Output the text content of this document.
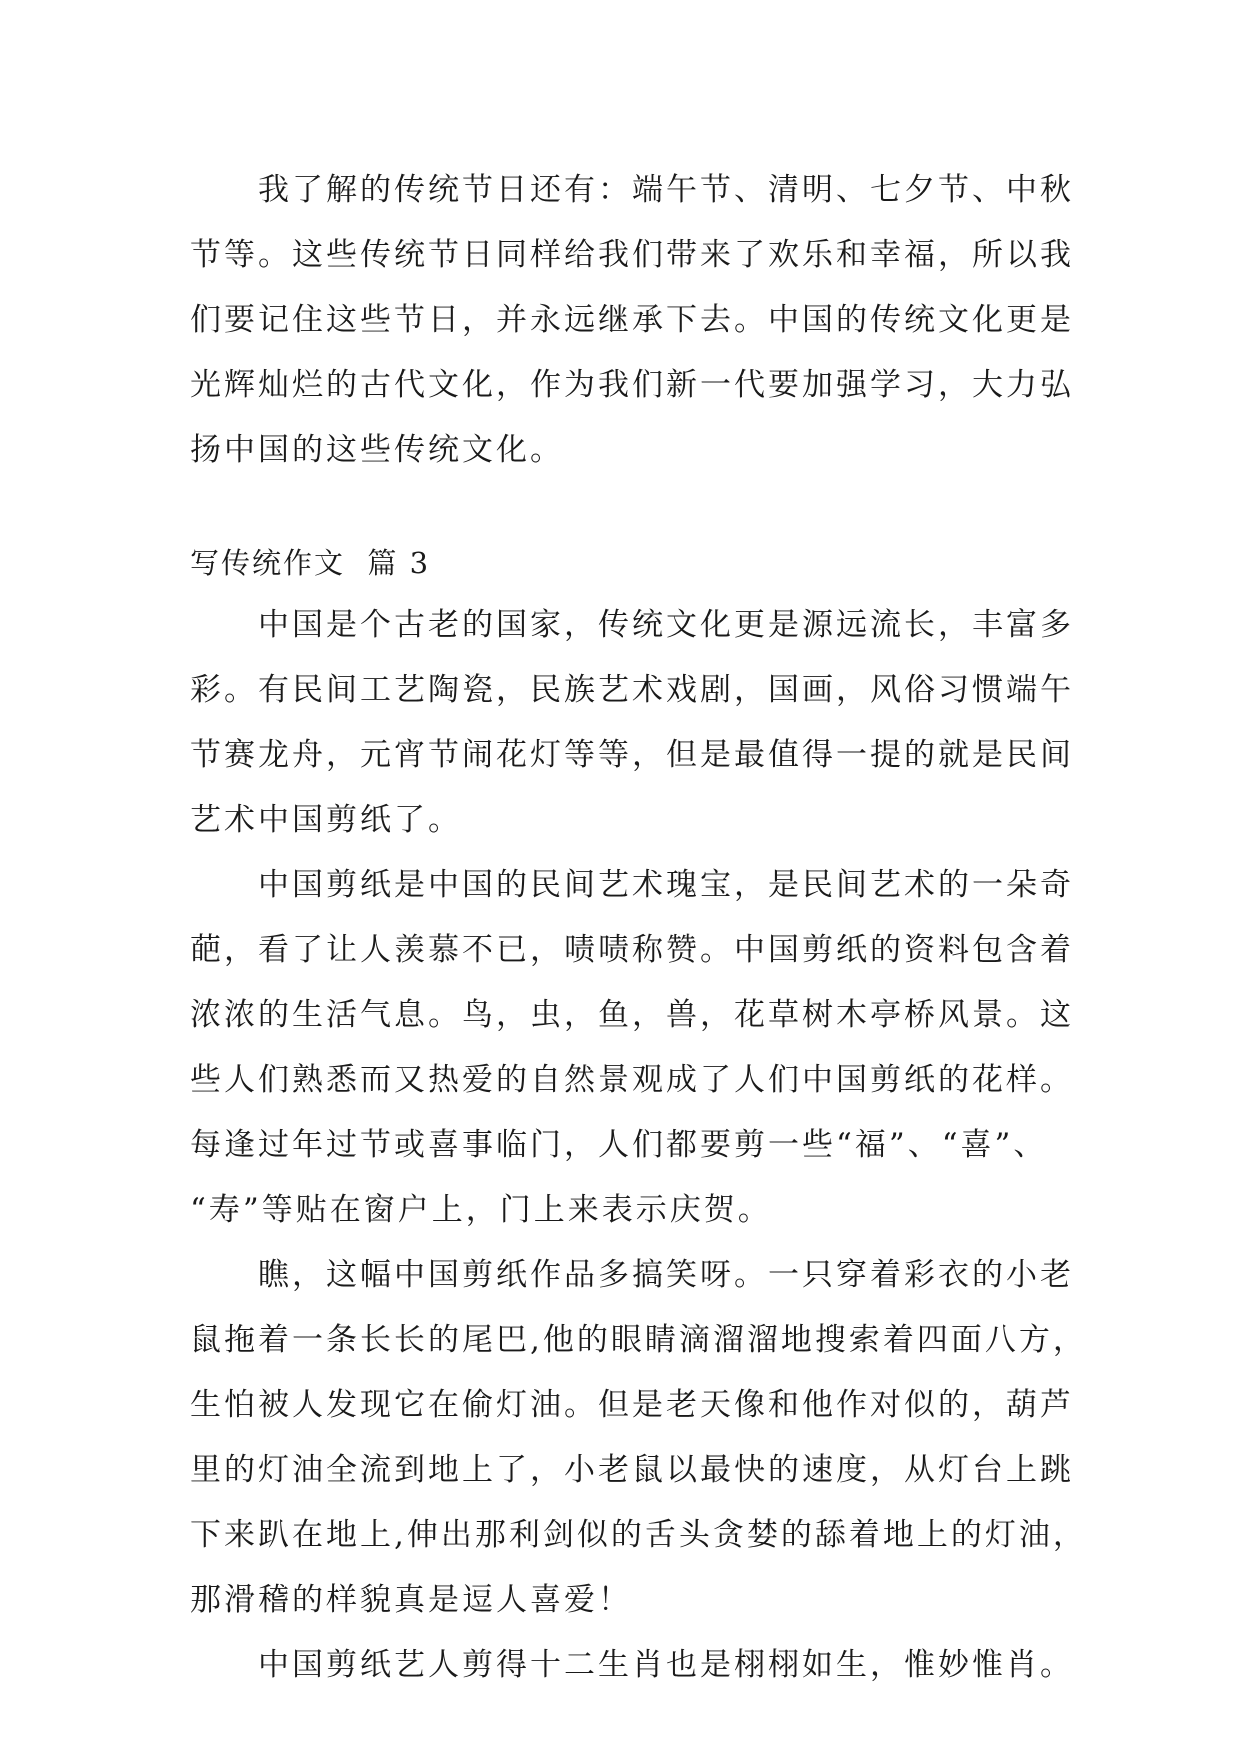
我了解的传统节日还有：端午节、清明、七夕节、中秋
节等。这些传统节日同样给我们带来了欢乐和幸福，所以我
们要记住这些节日，并永远继承下去。中国的传统文化更是
光辉灿烂的古代文化，作为我们新一代要加强学习，大力弘
扬中国的这些传统文化。
写传统作文  篇 3
中国是个古老的国家，传统文化更是源远流长，丰富多
彩。有民间工艺陶瓷，民族艺术戏剧，国画，风俗习惯端午
节赛龙舟，元宵节闹花灯等等，但是最值得一提的就是民间
艺术中国剪纸了。
中国剪纸是中国的民间艺术瑰宝，是民间艺术的一朵奇
葩，看了让人羡慕不已，啧啧称赞。中国剪纸的资料包含着
浓浓的生活气息。鸟，虫，鱼，兽，花草树木亭桥风景。这
些人们熟悉而又热爱的自然景观成了人们中国剪纸的花样。
每逢过年过节或喜事临门，人们都要剪一些“福”、“喜”、
“寿”等贴在窗户上，门上来表示庆贺。
瞧，这幅中国剪纸作品多搞笑呀。一只穿着彩衣的小老
鼠拖着一条长长的尾巴,他的眼睛滴溜溜地搜索着四面八方，
生怕被人发现它在偷灯油。但是老天像和他作对似的，葫芦
里的灯油全流到地上了，小老鼠以最快的速度，从灯台上跳
下来趴在地上,伸出那利剑似的舌头贪婪的舔着地上的灯油，
那滑稽的样貌真是逗人喜爱！
中国剪纸艺人剪得十二生肖也是栩栩如生，惟妙惟肖。
